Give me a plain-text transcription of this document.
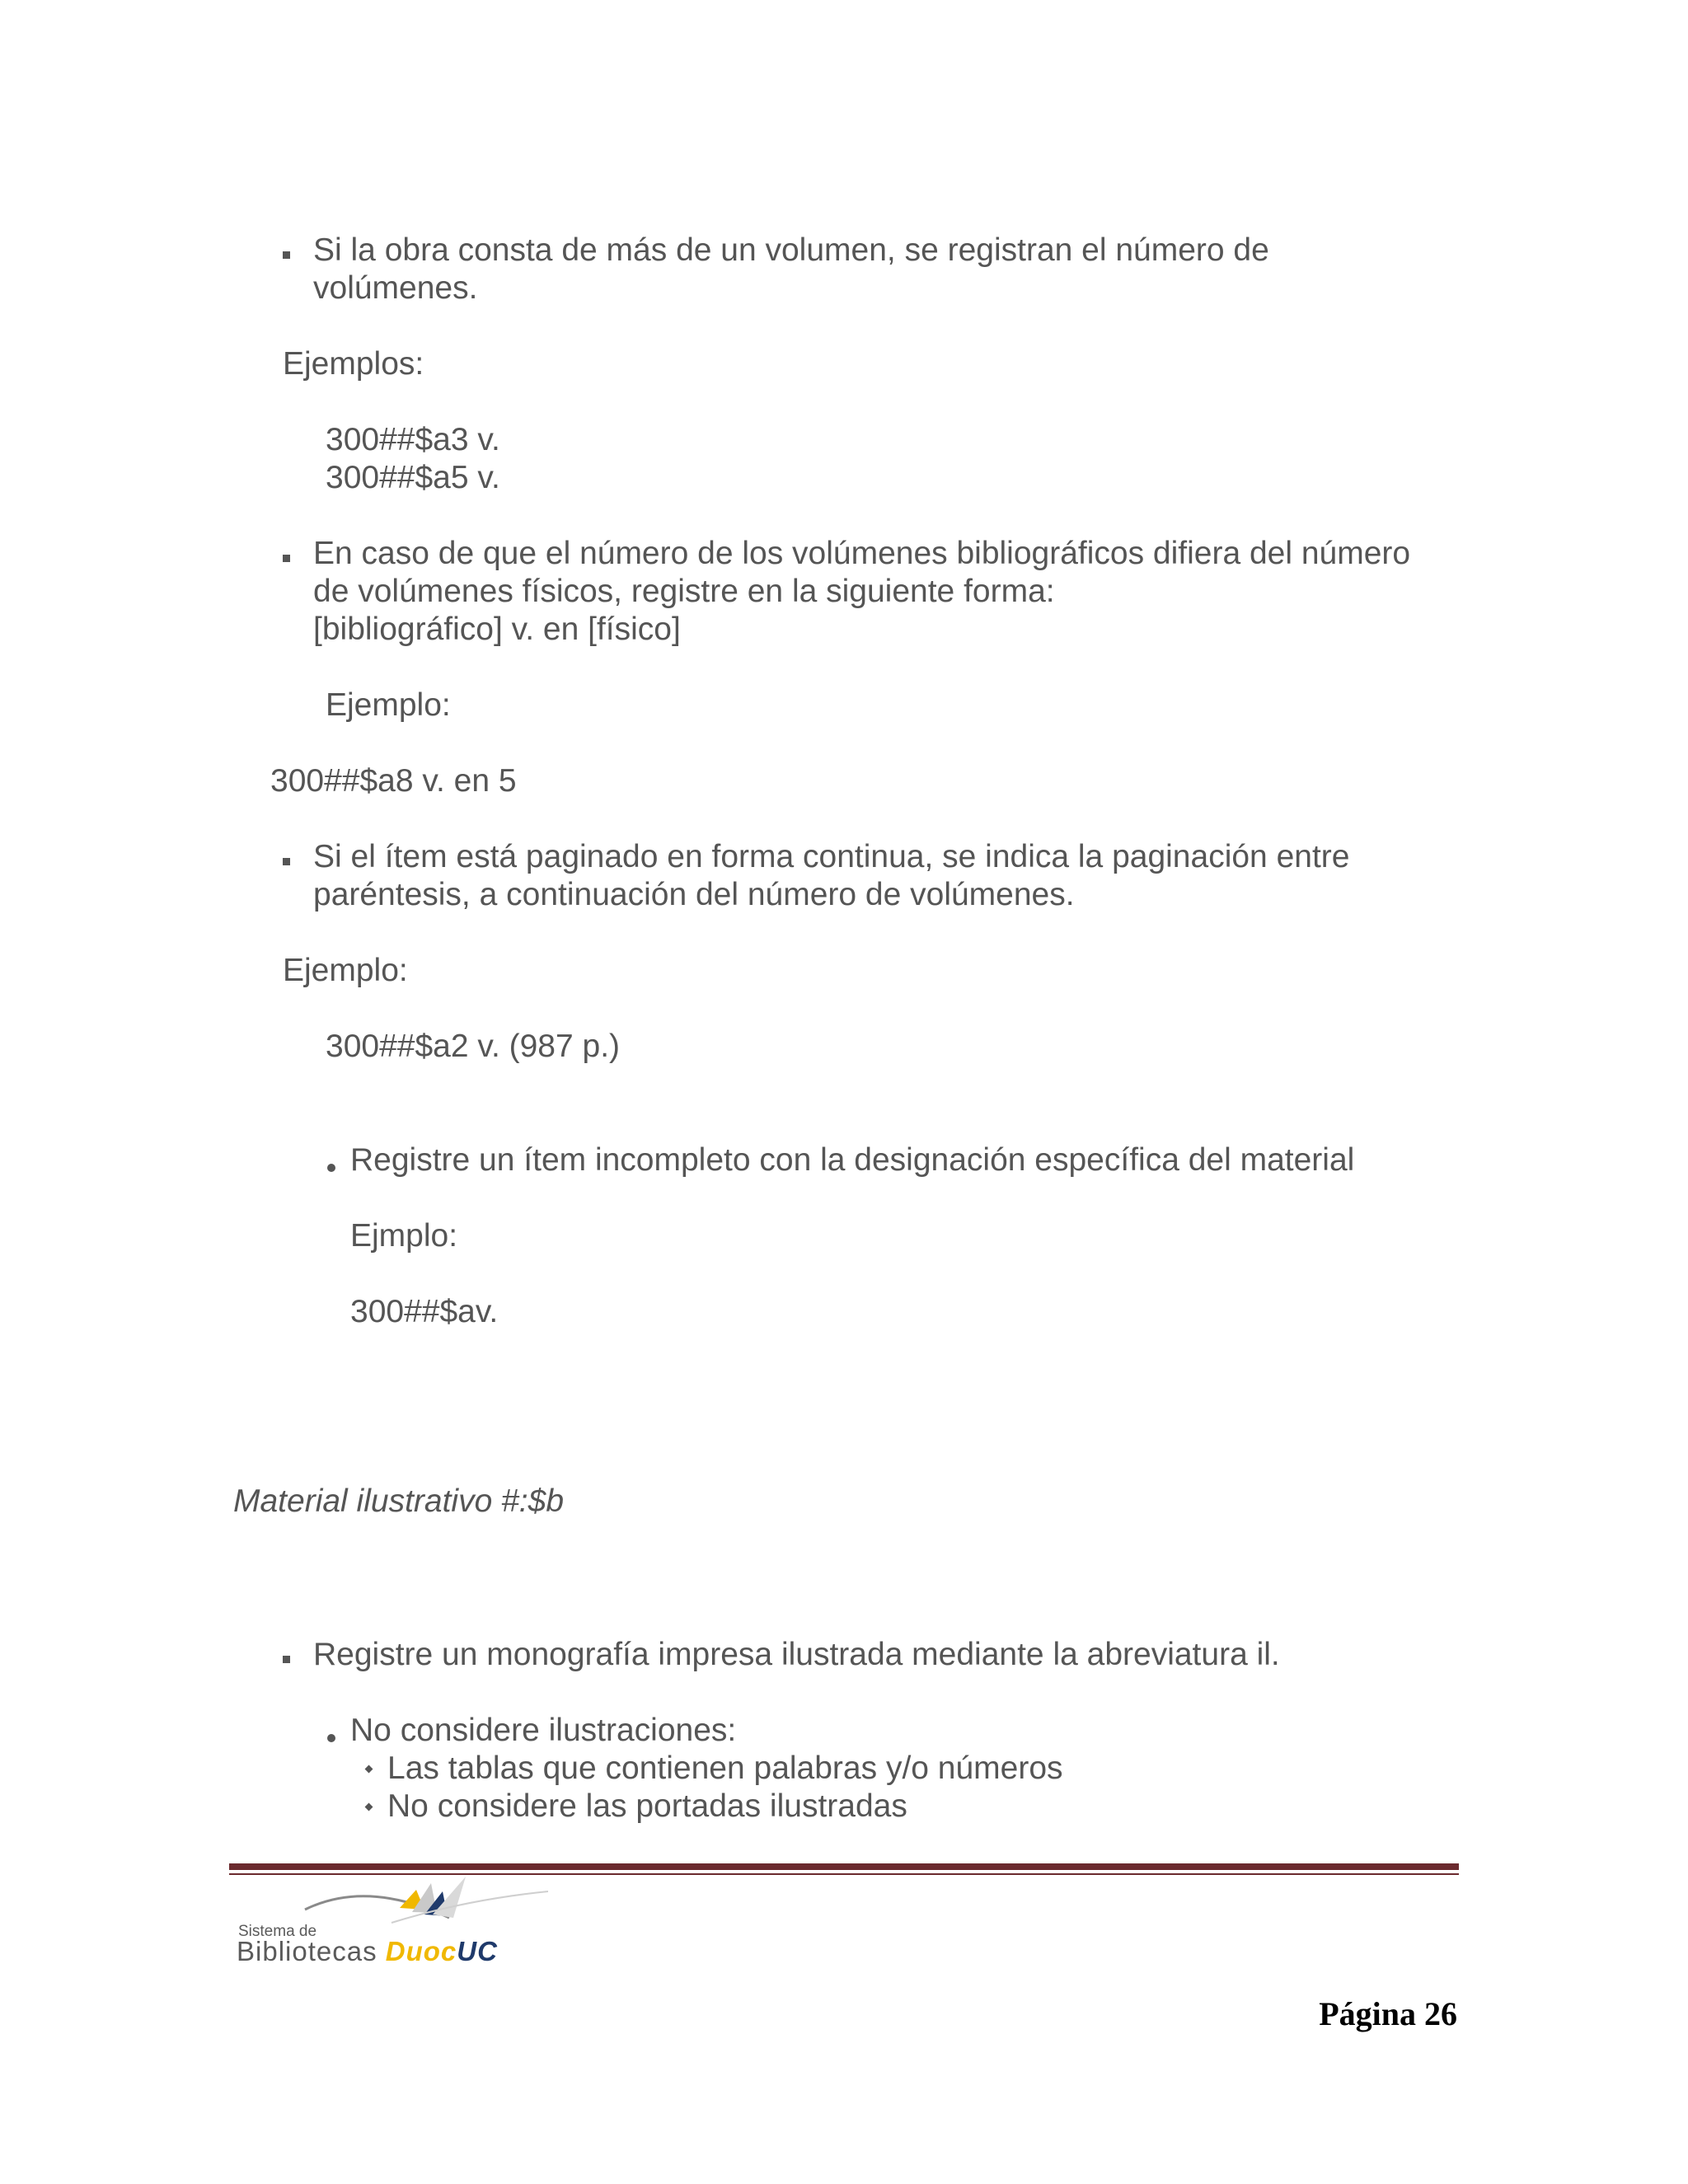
Si la obra consta de más de un volumen, se registran el número de

volúmenes.

Ejemplos:

300##$a3 v.

300##$a5 v.

En caso de que el número de los volúmenes bibliográficos difiera del número

de volúmenes físicos, registre en la siguiente forma:

[bibliográfico] v. en [físico]

Ejemplo:

300##$a8 v. en 5

Si el ítem está paginado en forma continua, se indica la paginación entre

paréntesis, a continuación del número de volúmenes.

Ejemplo:

300##$a2 v. (987 p.)

Registre un ítem incompleto con la designación específica del material

Ejmplo:

300##$av.

Material ilustrativo #:$b

Registre un monografía impresa ilustrada mediante la abreviatura il.

No considere ilustraciones:

Las tablas que contienen palabras y/o números

No considere las portadas ilustradas

Sistema de
Bibliotecas DuocUC
Página 26
